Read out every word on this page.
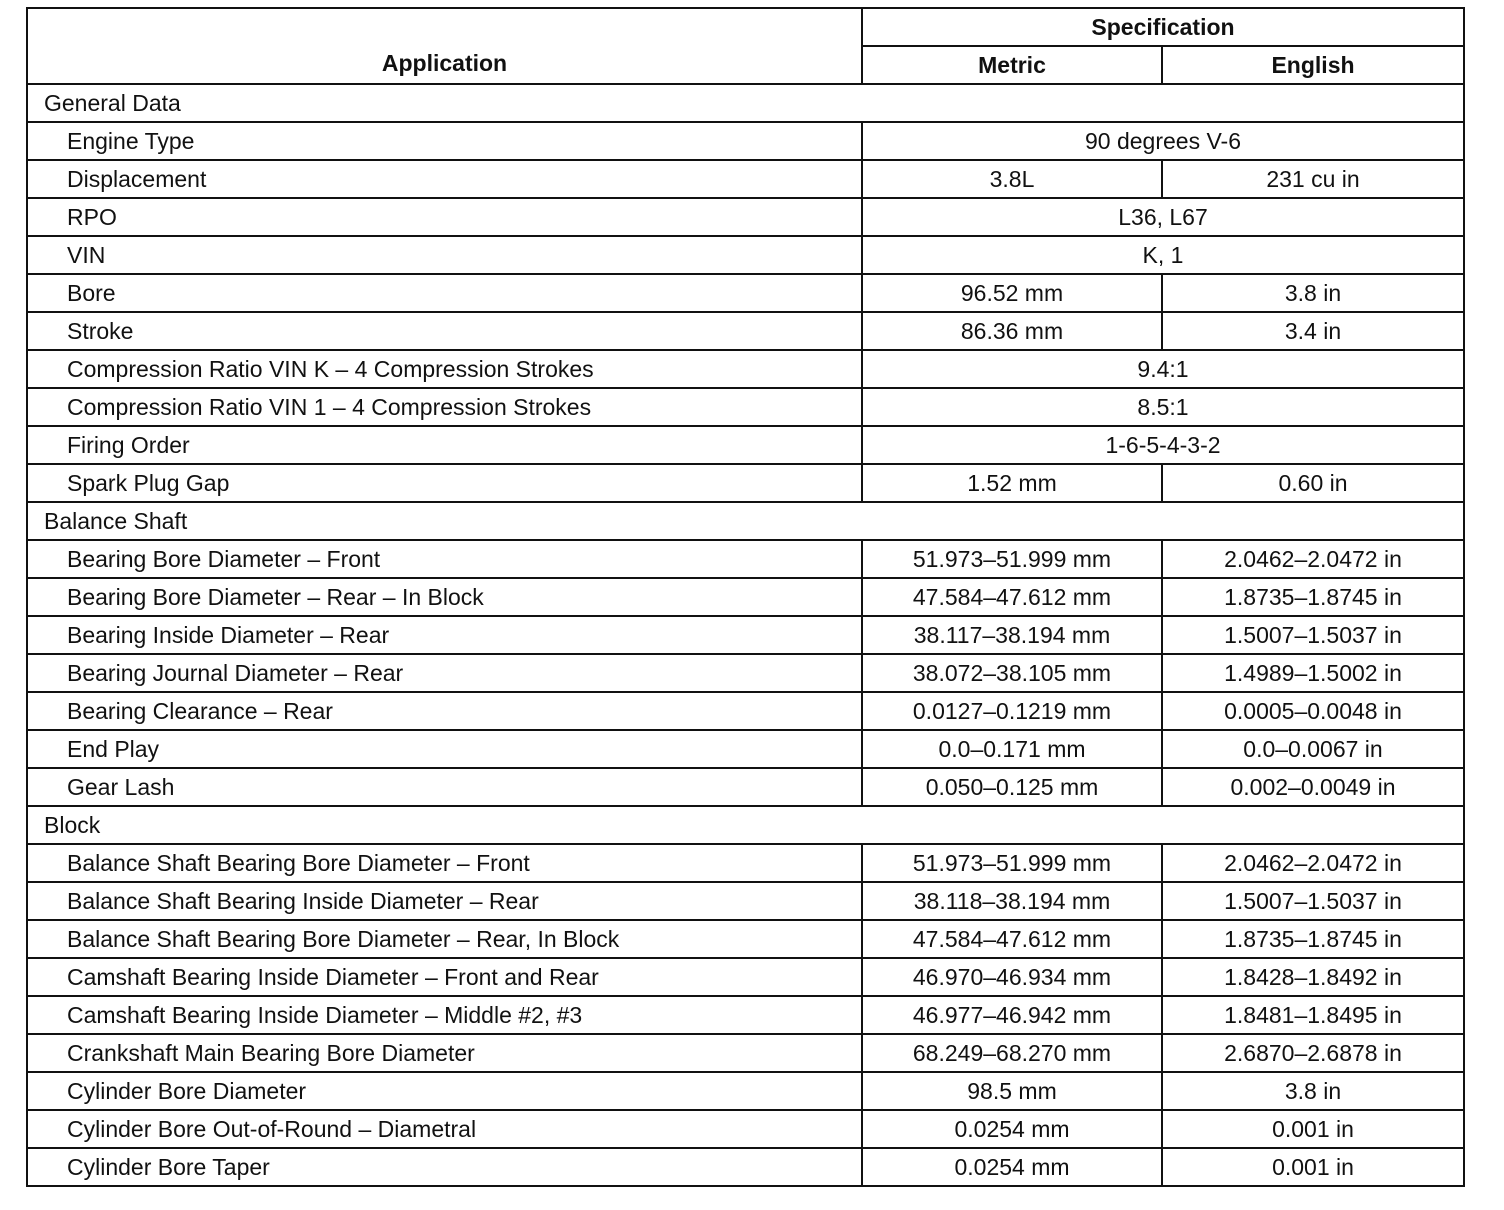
Application	Specification	
	Metric	English
General Data		
Engine Type	90 degrees V-6	
Displacement	3.8L	231 cu in
RPO	L36, L67	
VIN	K, 1	
Bore	96.52 mm	3.8 in
Stroke	86.36 mm	3.4 in
Compression Ratio VIN K – 4 Compression Strokes	9.4:1	
Compression Ratio VIN 1 – 4 Compression Strokes	8.5:1	
Firing Order	1-6-5-4-3-2	
Spark Plug Gap	1.52 mm	0.60 in
Balance Shaft		
Bearing Bore Diameter – Front	51.973–51.999 mm	2.0462–2.0472 in
Bearing Bore Diameter – Rear – In Block	47.584–47.612 mm	1.8735–1.8745 in
Bearing Inside Diameter – Rear	38.117–38.194 mm	1.5007–1.5037 in
Bearing Journal Diameter – Rear	38.072–38.105 mm	1.4989–1.5002 in
Bearing Clearance – Rear	0.0127–0.1219 mm	0.0005–0.0048 in
End Play	0.0–0.171 mm	0.0–0.0067 in
Gear Lash	0.050–0.125 mm	0.002–0.0049 in
Block		
Balance Shaft Bearing Bore Diameter – Front	51.973–51.999 mm	2.0462–2.0472 in
Balance Shaft Bearing Inside Diameter – Rear	38.118–38.194 mm	1.5007–1.5037 in
Balance Shaft Bearing Bore Diameter – Rear, In Block	47.584–47.612 mm	1.8735–1.8745 in
Camshaft Bearing Inside Diameter – Front and Rear	46.970–46.934 mm	1.8428–1.8492 in
Camshaft Bearing Inside Diameter – Middle #2, #3	46.977–46.942 mm	1.8481–1.8495 in
Crankshaft Main Bearing Bore Diameter	68.249–68.270 mm	2.6870–2.6878 in
Cylinder Bore Diameter	98.5 mm	3.8 in
Cylinder Bore Out-of-Round – Diametral	0.0254 mm	0.001 in
Cylinder Bore Taper	0.0254 mm	0.001 in
